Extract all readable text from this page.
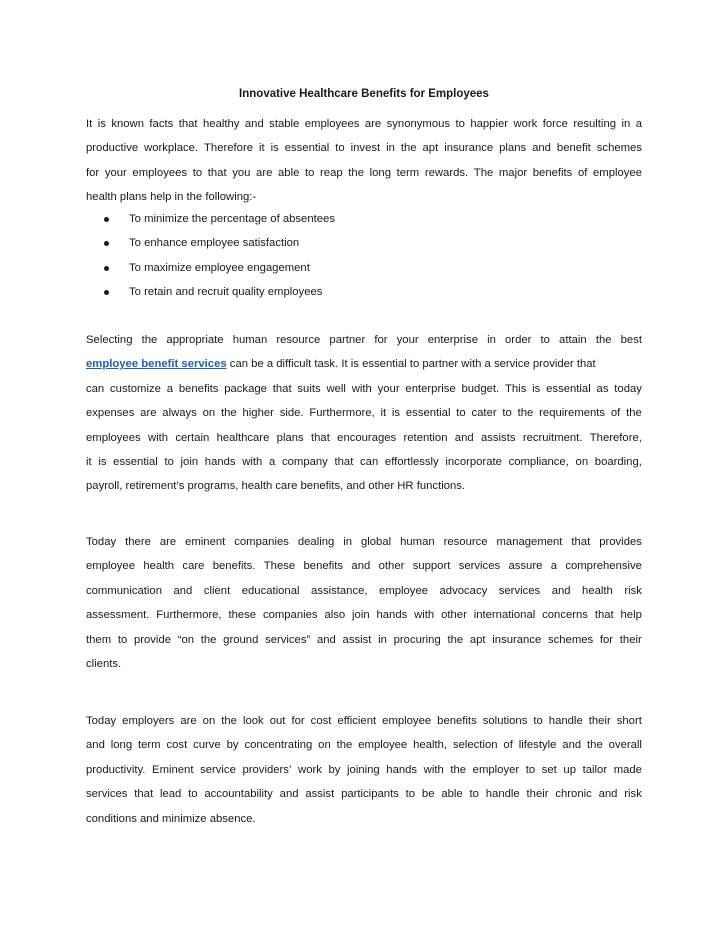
Innovative Healthcare Benefits for Employees
It is known facts that healthy and stable employees are synonymous to happier work force resulting in a
productive workplace. Therefore it is essential to invest in the apt insurance plans and benefit schemes
for your employees to that you are able to reap the long term rewards. The major benefits of employee
health plans help in the following:-
To minimize the percentage of absentees
To enhance employee satisfaction
To maximize employee engagement
To retain and recruit quality employees
Selecting the appropriate human resource partner for your enterprise in order to attain the best
employee benefit services can be a difficult task. It is essential to partner with a service provider that
can customize a benefits package that suits well with your enterprise budget. This is essential as today
expenses are always on the higher side. Furthermore, it is essential to cater to the requirements of the
employees with certain healthcare plans that encourages retention and assists recruitment. Therefore,
it is essential to join hands with a company that can effortlessly incorporate compliance, on boarding,
payroll, retirement’s programs, health care benefits, and other HR functions.
Today there are eminent companies dealing in global human resource management that provides
employee health care benefits. These benefits and other support services assure a comprehensive
communication and client educational assistance, employee advocacy services and health risk
assessment. Furthermore, these companies also join hands with other international concerns that help
them to provide “on the ground services” and assist in procuring the apt insurance schemes for their
clients.
Today employers are on the look out for cost efficient employee benefits solutions to handle their short
and long term cost curve by concentrating on the employee health, selection of lifestyle and the overall
productivity. Eminent service providers’ work by joining hands with the employer to set up tailor made
services that lead to accountability and assist participants to be able to handle their chronic and risk
conditions and minimize absence.
